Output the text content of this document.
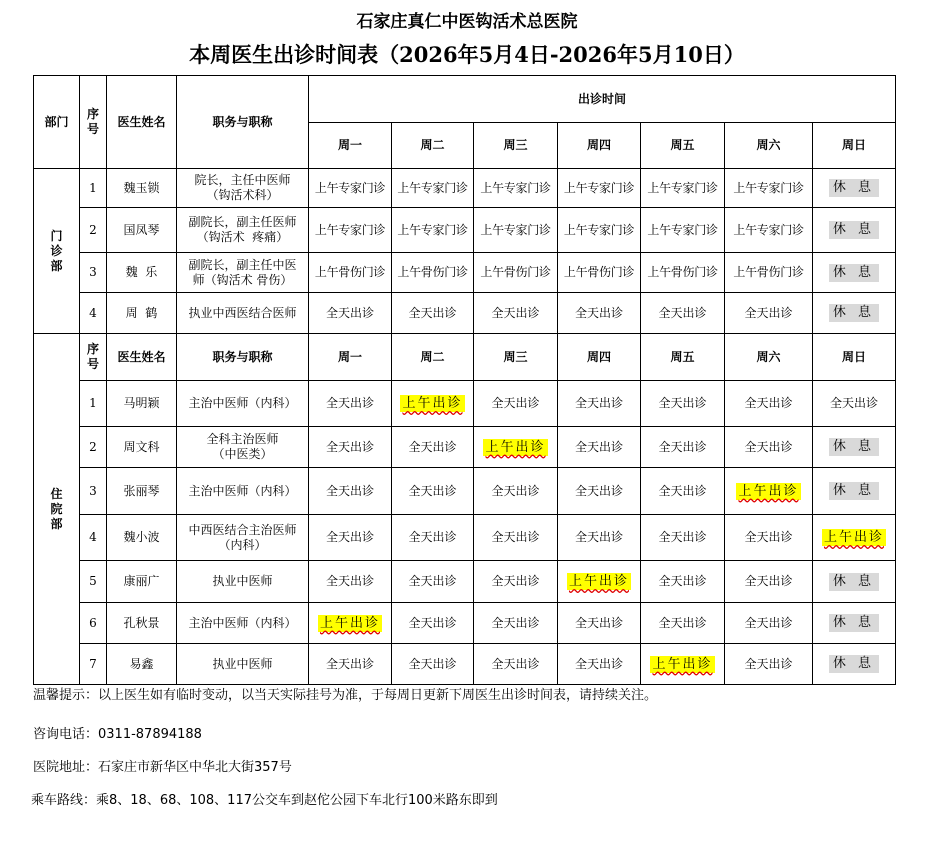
石家庄真仁中医钩活术总医院
本周医生出诊时间表（2026年5月4日-2026年5月10日）
部门	序号	医生姓名	职务与职称	出诊时间						
				周一	周二	周三	周四	周五	周六	周日

门
诊
部
	1	魏玉锁	
院长，主任中医师
（钩活术科）
	上午专家门诊	上午专家门诊	上午专家门诊	上午专家门诊	上午专家门诊	上午专家门诊	休 息
	2	国凤琴	副院长，副主任医师
（钩活术  疼痛）	上午专家门诊	上午专家门诊	上午专家门诊	上午专家门诊	上午专家门诊	上午专家门诊	休 息
	3	魏  乐	副院长，副主任中医
师（钩活术 骨伤）	上午骨伤门诊	上午骨伤门诊	上午骨伤门诊	上午骨伤门诊	上午骨伤门诊	上午骨伤门诊	休 息
	4	周  鹤	执业中西医结合医师	全天出诊	全天出诊	全天出诊	全天出诊	全天出诊	全天出诊	休 息

住
院
部	序号	医生姓名	职务与职称	周一	周二	周三	周四	周五	周六	周日
	1	马明颖	主治中医师（内科）	全天出诊	上午出诊	全天出诊	全天出诊	全天出诊	全天出诊	全天出诊
	2	周文科	全科主治医师
（中医类）	全天出诊	全天出诊	上午出诊	全天出诊	全天出诊	全天出诊	休 息
	3	张丽琴	主治中医师（内科）	全天出诊	全天出诊	全天出诊	全天出诊	全天出诊	上午出诊	休 息
	4	魏小波	中西医结合主治医师
（内科）	全天出诊	全天出诊	全天出诊	全天出诊	全天出诊	全天出诊	上午出诊
	5	康丽广	执业中医师	全天出诊	全天出诊	全天出诊	上午出诊	全天出诊	全天出诊	休 息
	6	孔秋景	主治中医师（内科）	上午出诊	全天出诊	全天出诊	全天出诊	全天出诊	全天出诊	休 息
	7	易鑫	执业中医师	全天出诊	全天出诊	全天出诊	全天出诊	上午出诊	全天出诊	休 息
温馨提示：以上医生如有临时变动，以当天实际挂号为准，于每周日更新下周医生出诊时间表，请持续关注。
咨询电话：0311-87894188
医院地址：石家庄市新华区中华北大街357号
乘车路线：乘8、18、68、108、117公交车到赵佗公园下车北行100米路东即到
